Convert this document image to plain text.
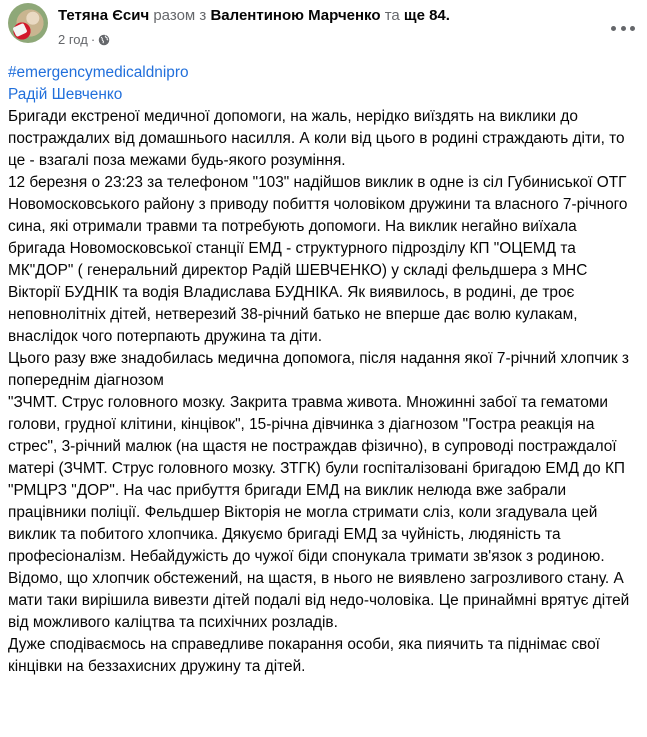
Тетяна Єсич разом з Валентиною Марченко та ще 84.
2 год ·

#emergencymedicaldnipro

Радій Шевченко

Бригади екстреної медичної допомоги, на жаль, нерідко виїздять на виклики до постраждалих від домашнього насилля. А коли від цього в родині страждають діти, то це - взагалі поза межами будь-якого розуміння.

12 березня о 23:23 за телефоном "103" надійшов виклик в одне із сіл Губиниської ОТГ Новомосковського району з приводу побиття чоловіком дружини та власного 7-річного сина, які отримали травми та потребують допомоги. На виклик негайно виїхала бригада Новомосковської станції ЕМД - структурного підрозділу КП "ОЦЕМД та МК"ДОР" ( генеральний директор Радій ШЕВЧЕНКО) у складі фельдшера з МНС Вікторії БУДНІК та водія Владислава БУДНІКА. Як виявилось, в родині, де троє неповнолітніх дітей, нетверезий 38-річний батько не вперше дає волю кулакам, внаслідок чого потерпають дружина та діти.

Цього разу вже знадобилась медична допомога, після надання якої 7-річний хлопчик з попереднім діагнозом

"ЗЧМТ. Струс головного мозку. Закрита травма живота. Множинні забої та гематоми голови, грудної клітини, кінцівок", 15-річна дівчинка з діагнозом "Гостра реакція на стрес", 3-річний малюк (на щастя не постраждав фізично), в супроводі постраждалої матері (ЗЧМТ. Струс головного мозку. ЗТГК) були госпіталізовані бригадою ЕМД до КП "РМЦРЗ "ДОР". На час прибуття бригади ЕМД на виклик нелюда вже забрали працівники поліції. Фельдшер Вікторія не могла стримати сліз, коли згадувала цей виклик та побитого хлопчика. Дякуємо бригаді ЕМД за чуйність, людяність та професіоналізм. Небайдужість до чужої біди спонукала тримати зв'язок з родиною. Відомо, що хлопчик обстежений, на щастя, в нього не виявлено загрозливого стану. А мати таки вирішила вивезти дітей подалі від недо-чоловіка. Це принаймні врятує дітей від можливого каліцтва та психічних розладів.

Дуже сподіваємось на справедливе покарання особи, яка пиячить та піднімає свої кінцівки на беззахисних дружину та дітей.
